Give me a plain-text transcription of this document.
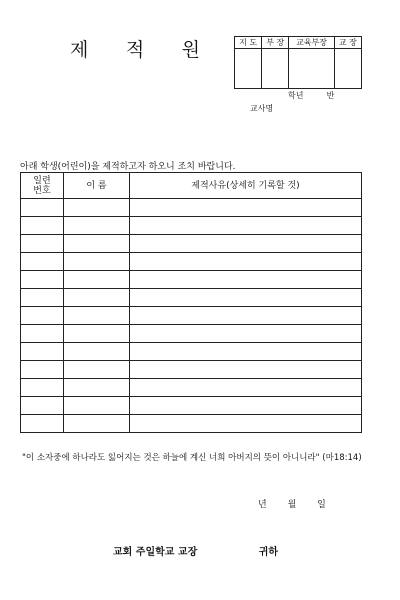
제 적 원	지 도	부 장	교육부장	교 장

학년	반
교사명
아래 학생(어린이)을 제적하고자 하오니 조치 바랍니다.
일련
번호	이 름	제적사유(상세히 기록할 것)

"이 소자중에 하나라도 잃어지는 것은 하늘에 계신 너희 아버지의 뜻이 아니니라" (마18:14)
년 월 일
교회 주일학교 교장	귀하
